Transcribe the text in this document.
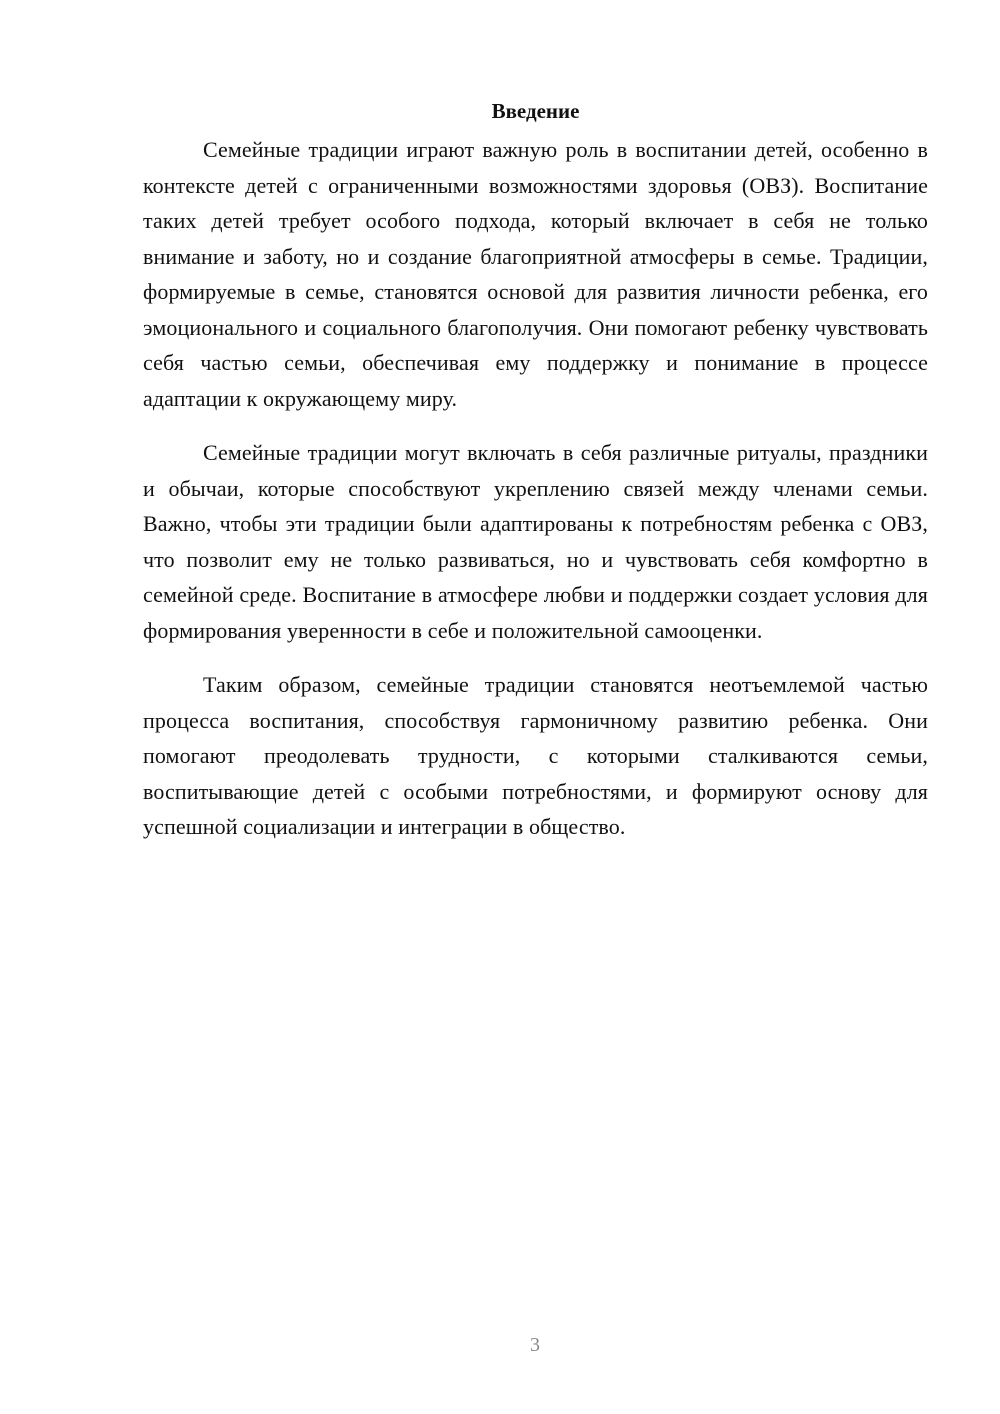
Введение

Семейные традиции играют важную роль в воспитании детей, особенно в контексте детей с ограниченными возможностями здоровья (ОВЗ). Воспитание таких детей требует особого подхода, который включает в себя не только внимание и заботу, но и создание благоприятной атмосферы в семье. Традиции, формируемые в семье, становятся основой для развития личности ребенка, его эмоционального и социального благополучия. Они помогают ребенку чувствовать себя частью семьи, обеспечивая ему поддержку и понимание в процессе адаптации к окружающему миру.

Семейные традиции могут включать в себя различные ритуалы, праздники и обычаи, которые способствуют укреплению связей между членами семьи. Важно, чтобы эти традиции были адаптированы к потребностям ребенка с ОВЗ, что позволит ему не только развиваться, но и чувствовать себя комфортно в семейной среде. Воспитание в атмосфере любви и поддержки создает условия для формирования уверенности в себе и положительной самооценки.

Таким образом, семейные традиции становятся неотъемлемой частью процесса воспитания, способствуя гармоничному развитию ребенка. Они помогают преодолевать трудности, с которыми сталкиваются семьи, воспитывающие детей с особыми потребностями, и формируют основу для успешной социализации и интеграции в общество.

3
